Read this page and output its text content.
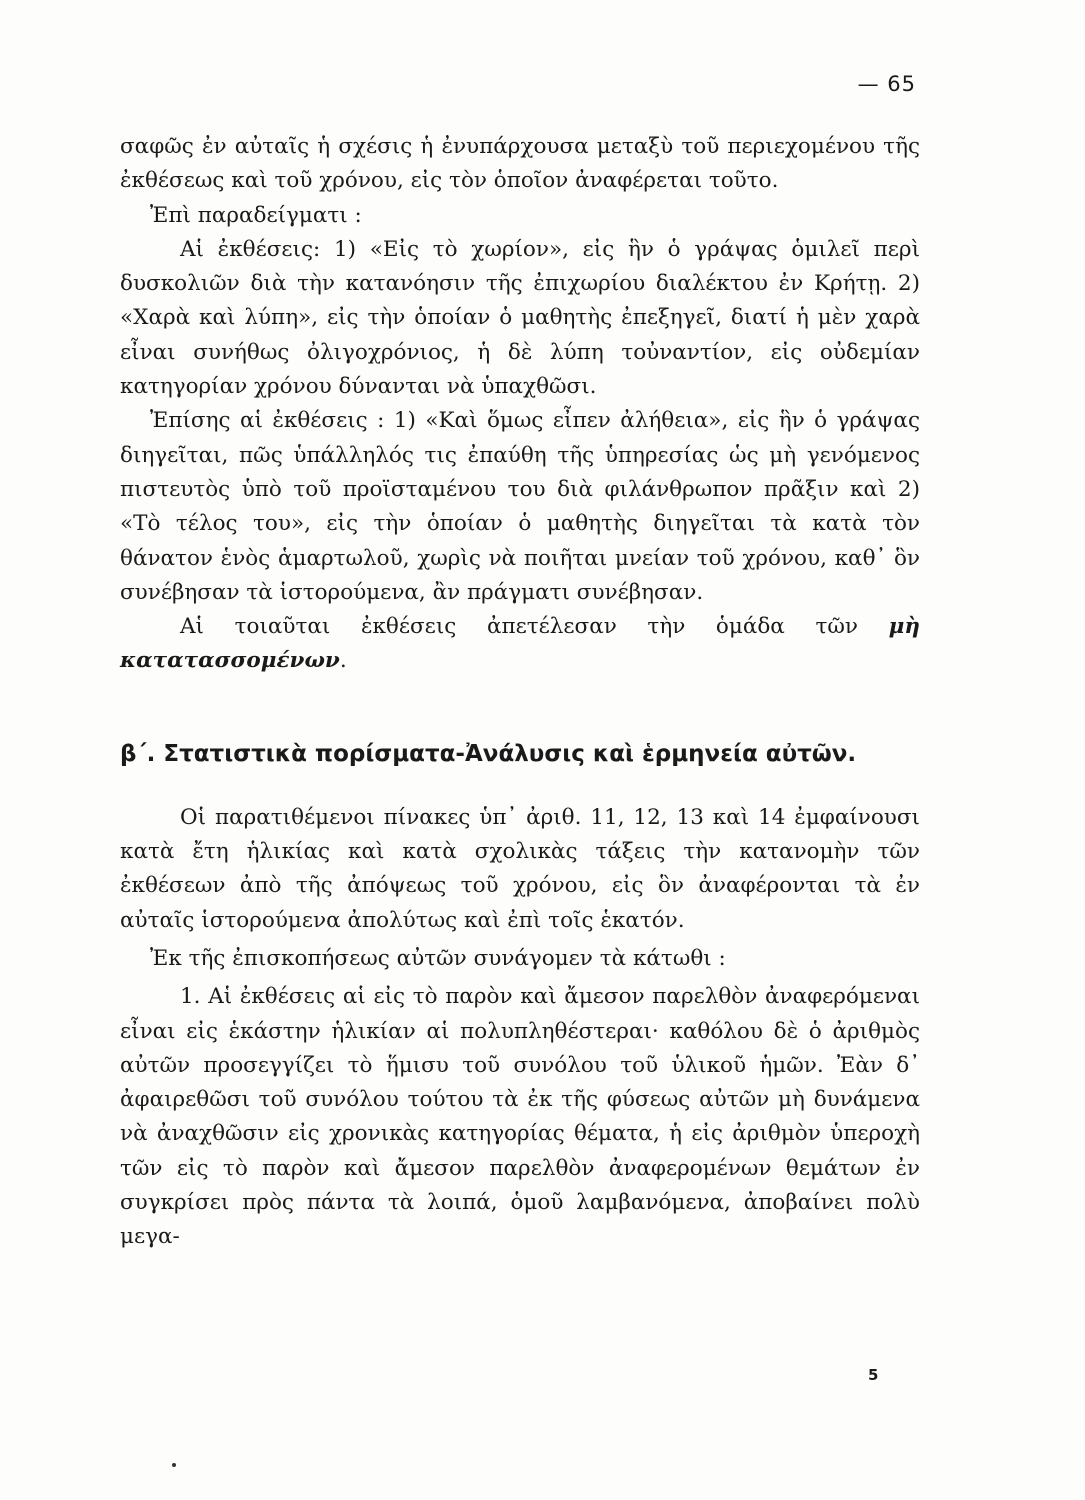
— 65

σαφῶς ἐν αὐταῖς ἡ σχέσις ἡ ἐνυπάρχουσα μεταξὺ τοῦ περιεχομένου τῆς ἐκθέσεως καὶ τοῦ χρόνου, εἰς τὸν ὁποῖον ἀναφέρεται τοῦτο.

Ἐπὶ παραδείγματι :

Αἱ ἐκθέσεις: 1) «Εἰς τὸ χωρίον», εἰς ἣν ὁ γράψας ὁμιλεῖ περὶ δυσκολιῶν διὰ τὴν κατανόησιν τῆς ἐπιχωρίου διαλέκτου ἐν Κρήτῃ. 2) «Χαρὰ καὶ λύπη», εἰς τὴν ὁποίαν ὁ μαθητὴς ἐπεξηγεῖ, διατί ἡ μὲν χαρὰ εἶναι συνήθως ὀλιγοχρόνιος, ἡ δὲ λύπη τοὐναντίον, εἰς οὐδεμίαν κατηγορίαν χρόνου δύνανται νὰ ὑπαχθῶσι.

Ἐπίσης αἱ ἐκθέσεις : 1) «Καὶ ὅμως εἶπεν ἀλήθεια», εἰς ἣν ὁ γράψας διηγεῖται, πῶς ὑπάλληλός τις ἐπαύθη τῆς ὑπηρεσίας ὡς μὴ γενόμενος πιστευτὸς ὑπὸ τοῦ προϊσταμένου του διὰ φιλάνθρωπον πρᾶξιν καὶ 2) «Τὸ τέλος του», εἰς τὴν ὁποίαν ὁ μαθητὴς διηγεῖται τὰ κατὰ τὸν θάνατον ἑνὸς ἁμαρτωλοῦ, χωρὶς νὰ ποιῆται μνείαν τοῦ χρόνου, καθ᾿ ὃν συνέβησαν τὰ ἱστορούμενα, ἂν πράγματι συνέβησαν.

Αἱ τοιαῦται ἐκθέσεις ἀπετέλεσαν τὴν ὁμάδα τῶν μὴ κατατασσομένων.

β΄. Στατιστικὰ πορίσματα-Ἀνάλυσις καὶ ἑρμηνεία αὐτῶν.

Οἱ παρατιθέμενοι πίνακες ὑπ᾿ ἀριθ. 11, 12, 13 καὶ 14 ἐμφαίνουσι κατὰ ἔτη ἡλικίας καὶ κατὰ σχολικὰς τάξεις τὴν κατανομὴν τῶν ἐκθέσεων ἀπὸ τῆς ἀπόψεως τοῦ χρόνου, εἰς ὃν ἀναφέρονται τὰ ἐν αὐταῖς ἱστορούμενα ἀπολύτως καὶ ἐπὶ τοῖς ἑκατόν.

Ἐκ τῆς ἐπισκοπήσεως αὐτῶν συνάγομεν τὰ κάτωθι :

1. Αἱ ἐκθέσεις αἱ εἰς τὸ παρὸν καὶ ἄμεσον παρελθὸν ἀναφερόμεναι εἶναι εἰς ἑκάστην ἡλικίαν αἱ πολυπληθέστεραι· καθόλου δὲ ὁ ἀριθμὸς αὐτῶν προσεγγίζει τὸ ἥμισυ τοῦ συνόλου τοῦ ὑλικοῦ ἡμῶν. Ἐὰν δ᾿ ἀφαιρεθῶσι τοῦ συνόλου τούτου τὰ ἐκ τῆς φύσεως αὐτῶν μὴ δυνάμενα νὰ ἀναχθῶσιν εἰς χρονικὰς κατηγορίας θέματα, ἡ εἰς ἀριθμὸν ὑπεροχὴ τῶν εἰς τὸ παρὸν καὶ ἄμεσον παρελθὸν ἀναφερομένων θεμάτων ἐν συγκρίσει πρὸς πάντα τὰ λοιπά, ὁμοῦ λαμβανόμενα, ἀποβαίνει πολὺ μεγα-

5
